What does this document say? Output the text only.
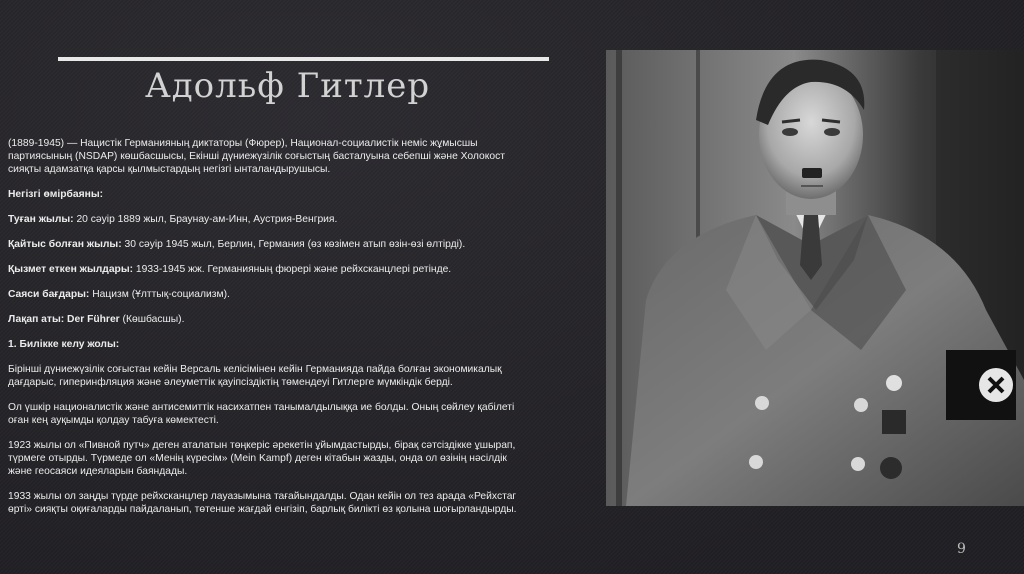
Адольф Гитлер

(1889-1945) — Нацистік Германияның диктаторы (Фюрер), Национал-социалистік неміс жұмысшы партиясының (NSDAP) көшбасшысы, Екінші дүниежүзілік соғыстың басталуына себепші және Холокост сияқты адамзатқа қарсы қылмыстардың негізгі ынталандырушысы.

Негізгі өмірбаяны:

Туған жылы: 20 сәуір 1889 жыл, Браунау-ам-Инн, Аустрия-Венгрия.

Қайтыс болған жылы: 30 сәуір 1945 жыл, Берлин, Германия (өз көзімен атып өзін-өзі өлтірді).

Қызмет еткен жылдары: 1933-1945 жж. Германияның фюрері және рейхсканцлері ретінде.

Саяси бағдары: Нацизм (Ұлттық-социализм).

Лақап аты: Der Führer (Көшбасшы).

1. Билікке келу жолы:

Бірінші дүниежүзілік соғыстан кейін Версаль келісімінен кейін Германияда пайда болған экономикалық дағдарыс, гиперинфляция және әлеуметтік қауіпсіздіктің төмендеуі Гитлерге мүмкіндік берді.

Ол үшкір националистік және антисемиттік насихатпен танымалдылыққа ие болды. Оның сөйлеу қабілеті оған кең ауқымды қолдау табуға көмектесті.

1923 жылы ол «Пивной путч» деген аталатын төңкеріс әрекетін ұйымдастырды, бірақ сәтсіздікке ұшырап, түрмеге отырды. Түрмеде ол «Менің күресім» (Mein Kampf) деген кітабын жазды, онда ол өзінің нәсілдік және геосаяси идеяларын баяндады.

1933 жылы ол заңды түрде рейхсканцлер лауазымына тағайындалды. Одан кейін ол тез арада «Рейхстаг өрті» сияқты оқиғаларды пайдаланып, төтенше жағдай енгізіп, барлық билікті өз қолына шоғырландырды.

9
